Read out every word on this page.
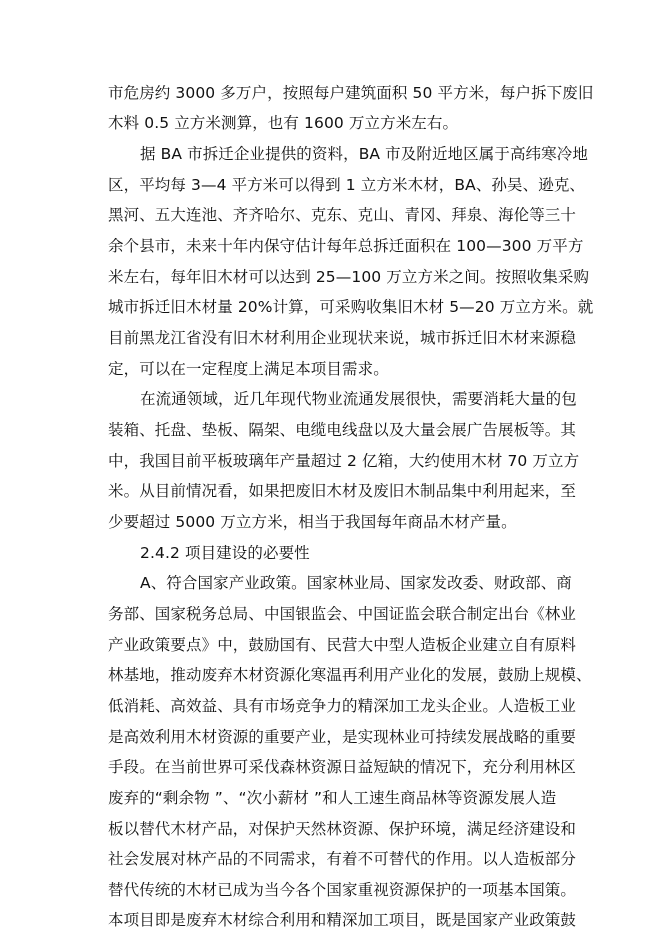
市危房约 3000 多万户，按照每户建筑面积 50 平方米，每户拆下废旧
木料 0.5 立方米测算，也有 1600 万立方米左右。
据 BA 市拆迁企业提供的资料，BA 市及附近地区属于高纬寒冷地
区，平均每 3—4 平方米可以得到 1 立方米木材，BA、孙吴、逊克、
黑河、五大连池、齐齐哈尔、克东、克山、青冈、拜泉、海伦等三十
余个县市，未来十年内保守估计每年总拆迁面积在 100—300 万平方
米左右，每年旧木材可以达到 25—100 万立方米之间。按照收集采购
城市拆迁旧木材量 20%计算，可采购收集旧木材 5—20 万立方米。就
目前黑龙江省没有旧木材利用企业现状来说，城市拆迁旧木材来源稳
定，可以在一定程度上满足本项目需求。
在流通领域，近几年现代物业流通发展很快，需要消耗大量的包
装箱、托盘、垫板、隔架、电缆电线盘以及大量会展广告展板等。其
中，我国目前平板玻璃年产量超过 2 亿箱，大约使用木材 70 万立方
米。从目前情况看，如果把废旧木材及废旧木制品集中利用起来，至
少要超过 5000 万立方米，相当于我国每年商品木材产量。
2.4.2 项目建设的必要性
A、符合国家产业政策。国家林业局、国家发改委、财政部、商
务部、国家税务总局、中国银监会、中国证监会联合制定出台《林业
产业政策要点》中，鼓励国有、民营大中型人造板企业建立自有原料
林基地，推动废弃木材资源化寒温再利用产业化的发展，鼓励上规模、
低消耗、高效益、具有市场竞争力的精深加工龙头企业。人造板工业
是高效利用木材资源的重要产业，是实现林业可持续发展战略的重要
手段。在当前世界可采伐森林资源日益短缺的情况下，充分利用林区
废弃的“剩余物 ”、“次小薪材 ”和人工速生商品林等资源发展人造
板以替代木材产品，对保护天然林资源、保护环境，满足经济建设和
社会发展对林产品的不同需求，有着不可替代的作用。以人造板部分
替代传统的木材已成为当今各个国家重视资源保护的一项基本国策。
本项目即是废弃木材综合利用和精深加工项目，既是国家产业政策鼓
